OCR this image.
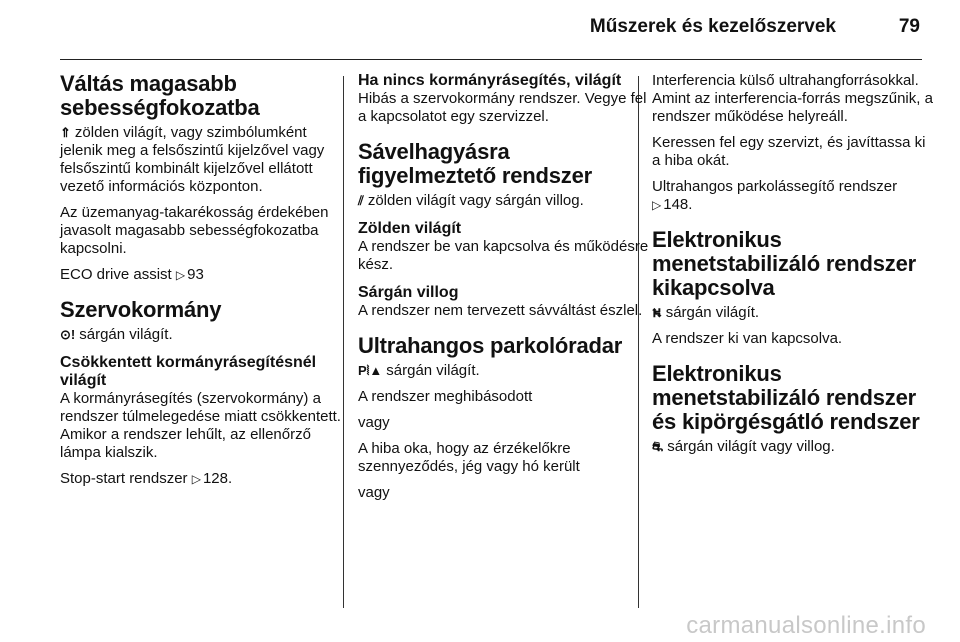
Műszerek és kezelőszervek	79
Váltás magasabb sebességfokozatba

⇑ zölden világít, vagy szimbólumként jelenik meg a felsőszintű kijelzővel vagy felsőszintű kombinált kijelzővel ellátott vezető információs központon.

Az üzemanyag-takarékosság érdekében javasolt magasabb sebességfokozatba kapcsolni.

ECO drive assist ▷ 93

Szervokormány

⊙! sárgán világít.

Csökkentett kormányrásegítésnél világít

A kormányrásegítés (szervokormány) a rendszer túlmelegedése miatt csökkentett. Amikor a rendszer lehűlt, az ellenőrző lámpa kialszik.

Stop-start rendszer ▷ 128.

Ha nincs kormányrásegítés, világít

Hibás a szervokormány rendszer. Vegye fel a kapcsolatot egy szervizzel.

Sávelhagyásra figyelmeztető rendszer

⫽ zölden világít vagy sárgán villog.

Zölden világít

A rendszer be van kapcsolva és működésre kész.

Sárgán villog

A rendszer nem tervezett sávváltást észlel.

Ultrahangos parkolóradar

P⦚▲ sárgán világít.

A rendszer meghibásodott

vagy

A hiba oka, hogy az érzékelőkre szennyeződés, jég vagy hó került

vagy

Interferencia külső ultrahangforrásokkal. Amint az interferencia-forrás megszűnik, a rendszer működése helyreáll.

Keressen fel egy szervizt, és javíttassa ki a hiba okát.

Ultrahangos parkolássegítő rendszer
▷ 148.

Elektronikus menetstabilizáló rendszer kikapcsolva

⛕ sárgán világít.

A rendszer ki van kapcsolva.

Elektronikus menetstabilizáló rendszer és kipörgésgátló rendszer

⛐ sárgán világít vagy villog.

carmanualsonline.info
